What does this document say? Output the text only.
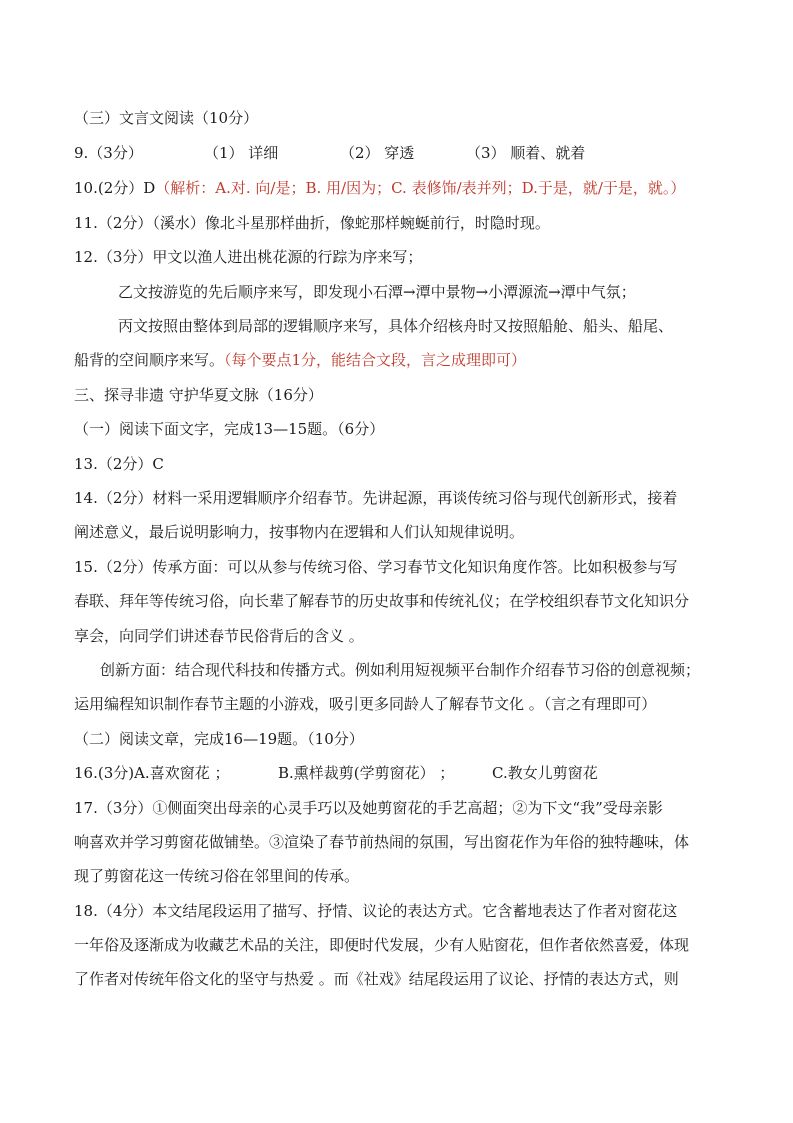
（三）文言文阅读（10分）
9.（3分）	（1） 详细	（2） 穿透	（3） 顺着、就着
10.(2分）D（解析：A.对. 向/是；B. 用/因为；C. 表修饰/表并列；D.于是，就/于是，就。）
11.（2分）（溪水）像北斗星那样曲折，像蛇那样蜿蜒前行，时隐时现。
12.（3分）甲文以渔人进出桃花源的行踪为序来写；
乙文按游览的先后顺序来写，即发现小石潭→潭中景物→小潭源流→潭中气氛；
丙文按照由整体到局部的逻辑顺序来写，具体介绍核舟时又按照船舱、船头、船尾、
船背的空间顺序来写。（每个要点1分，能结合文段，言之成理即可）
三、探寻非遗 守护华夏文脉（16分）
（一）阅读下面文字，完成13—15题。（6分）
13.（2分）C
14.（2分）材料一采用逻辑顺序介绍春节。先讲起源，再谈传统习俗与现代创新形式，接着
阐述意义，最后说明影响力，按事物内在逻辑和人们认知规律说明。
15.（2分）传承方面：可以从参与传统习俗、学习春节文化知识角度作答。比如积极参与写
春联、拜年等传统习俗，向长辈了解春节的历史故事和传统礼仪；在学校组织春节文化知识分
享会，向同学们讲述春节民俗背后的含义 。
创新方面：结合现代科技和传播方式。例如利用短视频平台制作介绍春节习俗的创意视频；
运用编程知识制作春节主题的小游戏，吸引更多同龄人了解春节文化 。（言之有理即可）
（二）阅读文章，完成16—19题。（10分）
16.(3分)A.喜欢窗花 ；	B.熏样裁剪(学剪窗花） ；	C.教女儿剪窗花
17.（3分）①侧面突出母亲的心灵手巧以及她剪窗花的手艺高超；②为下文“我”受母亲影
响喜欢并学习剪窗花做铺垫。③渲染了春节前热闹的氛围，写出窗花作为年俗的独特趣味，体
现了剪窗花这一传统习俗在邻里间的传承。
18.（4分）本文结尾段运用了描写、抒情、议论的表达方式。它含蓄地表达了作者对窗花这
一年俗及逐渐成为收藏艺术品的关注，即便时代发展，少有人贴窗花，但作者依然喜爱，体现
了作者对传统年俗文化的坚守与热爱 。而《社戏》结尾段运用了议论、抒情的表达方式，则
